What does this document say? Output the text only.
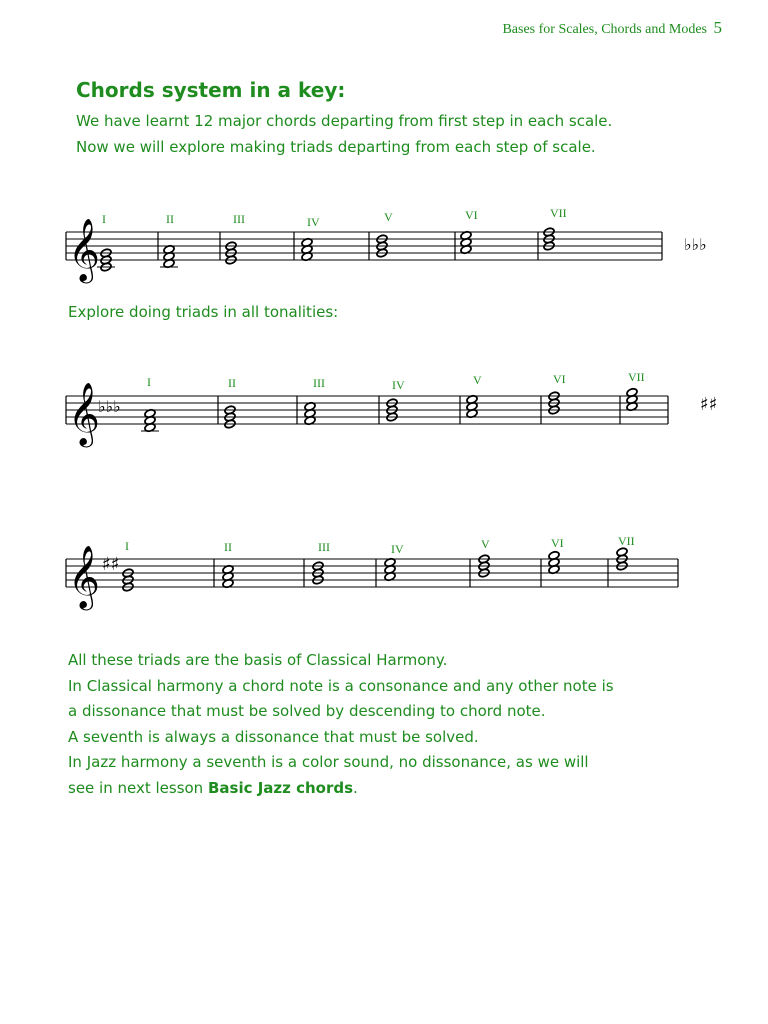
Bases for Scales, Chords and Modes 5
Chords system in a key:

We have learnt 12 major chords departing from first step in each scale.

Now we will explore making triads departing from each step of scale.

Explore doing triads in all tonalities:
𝄞 I	II	III	IV	V	VI	VII
♭♭♭
𝄞
♭♭♭
I	II	III	IV	V	VI	VII
♯♯
𝄞 ♯♯
I	II	III	IV	V	VI	VII

All these triads are the basis of Classical Harmony.

In Classical harmony a chord note is a consonance and any other note is

a dissonance that must be solved by descending to chord note.

A seventh is always a dissonance that must be solved.

In Jazz harmony a seventh is a color sound, no dissonance, as we will

see in next lesson Basic Jazz chords.
